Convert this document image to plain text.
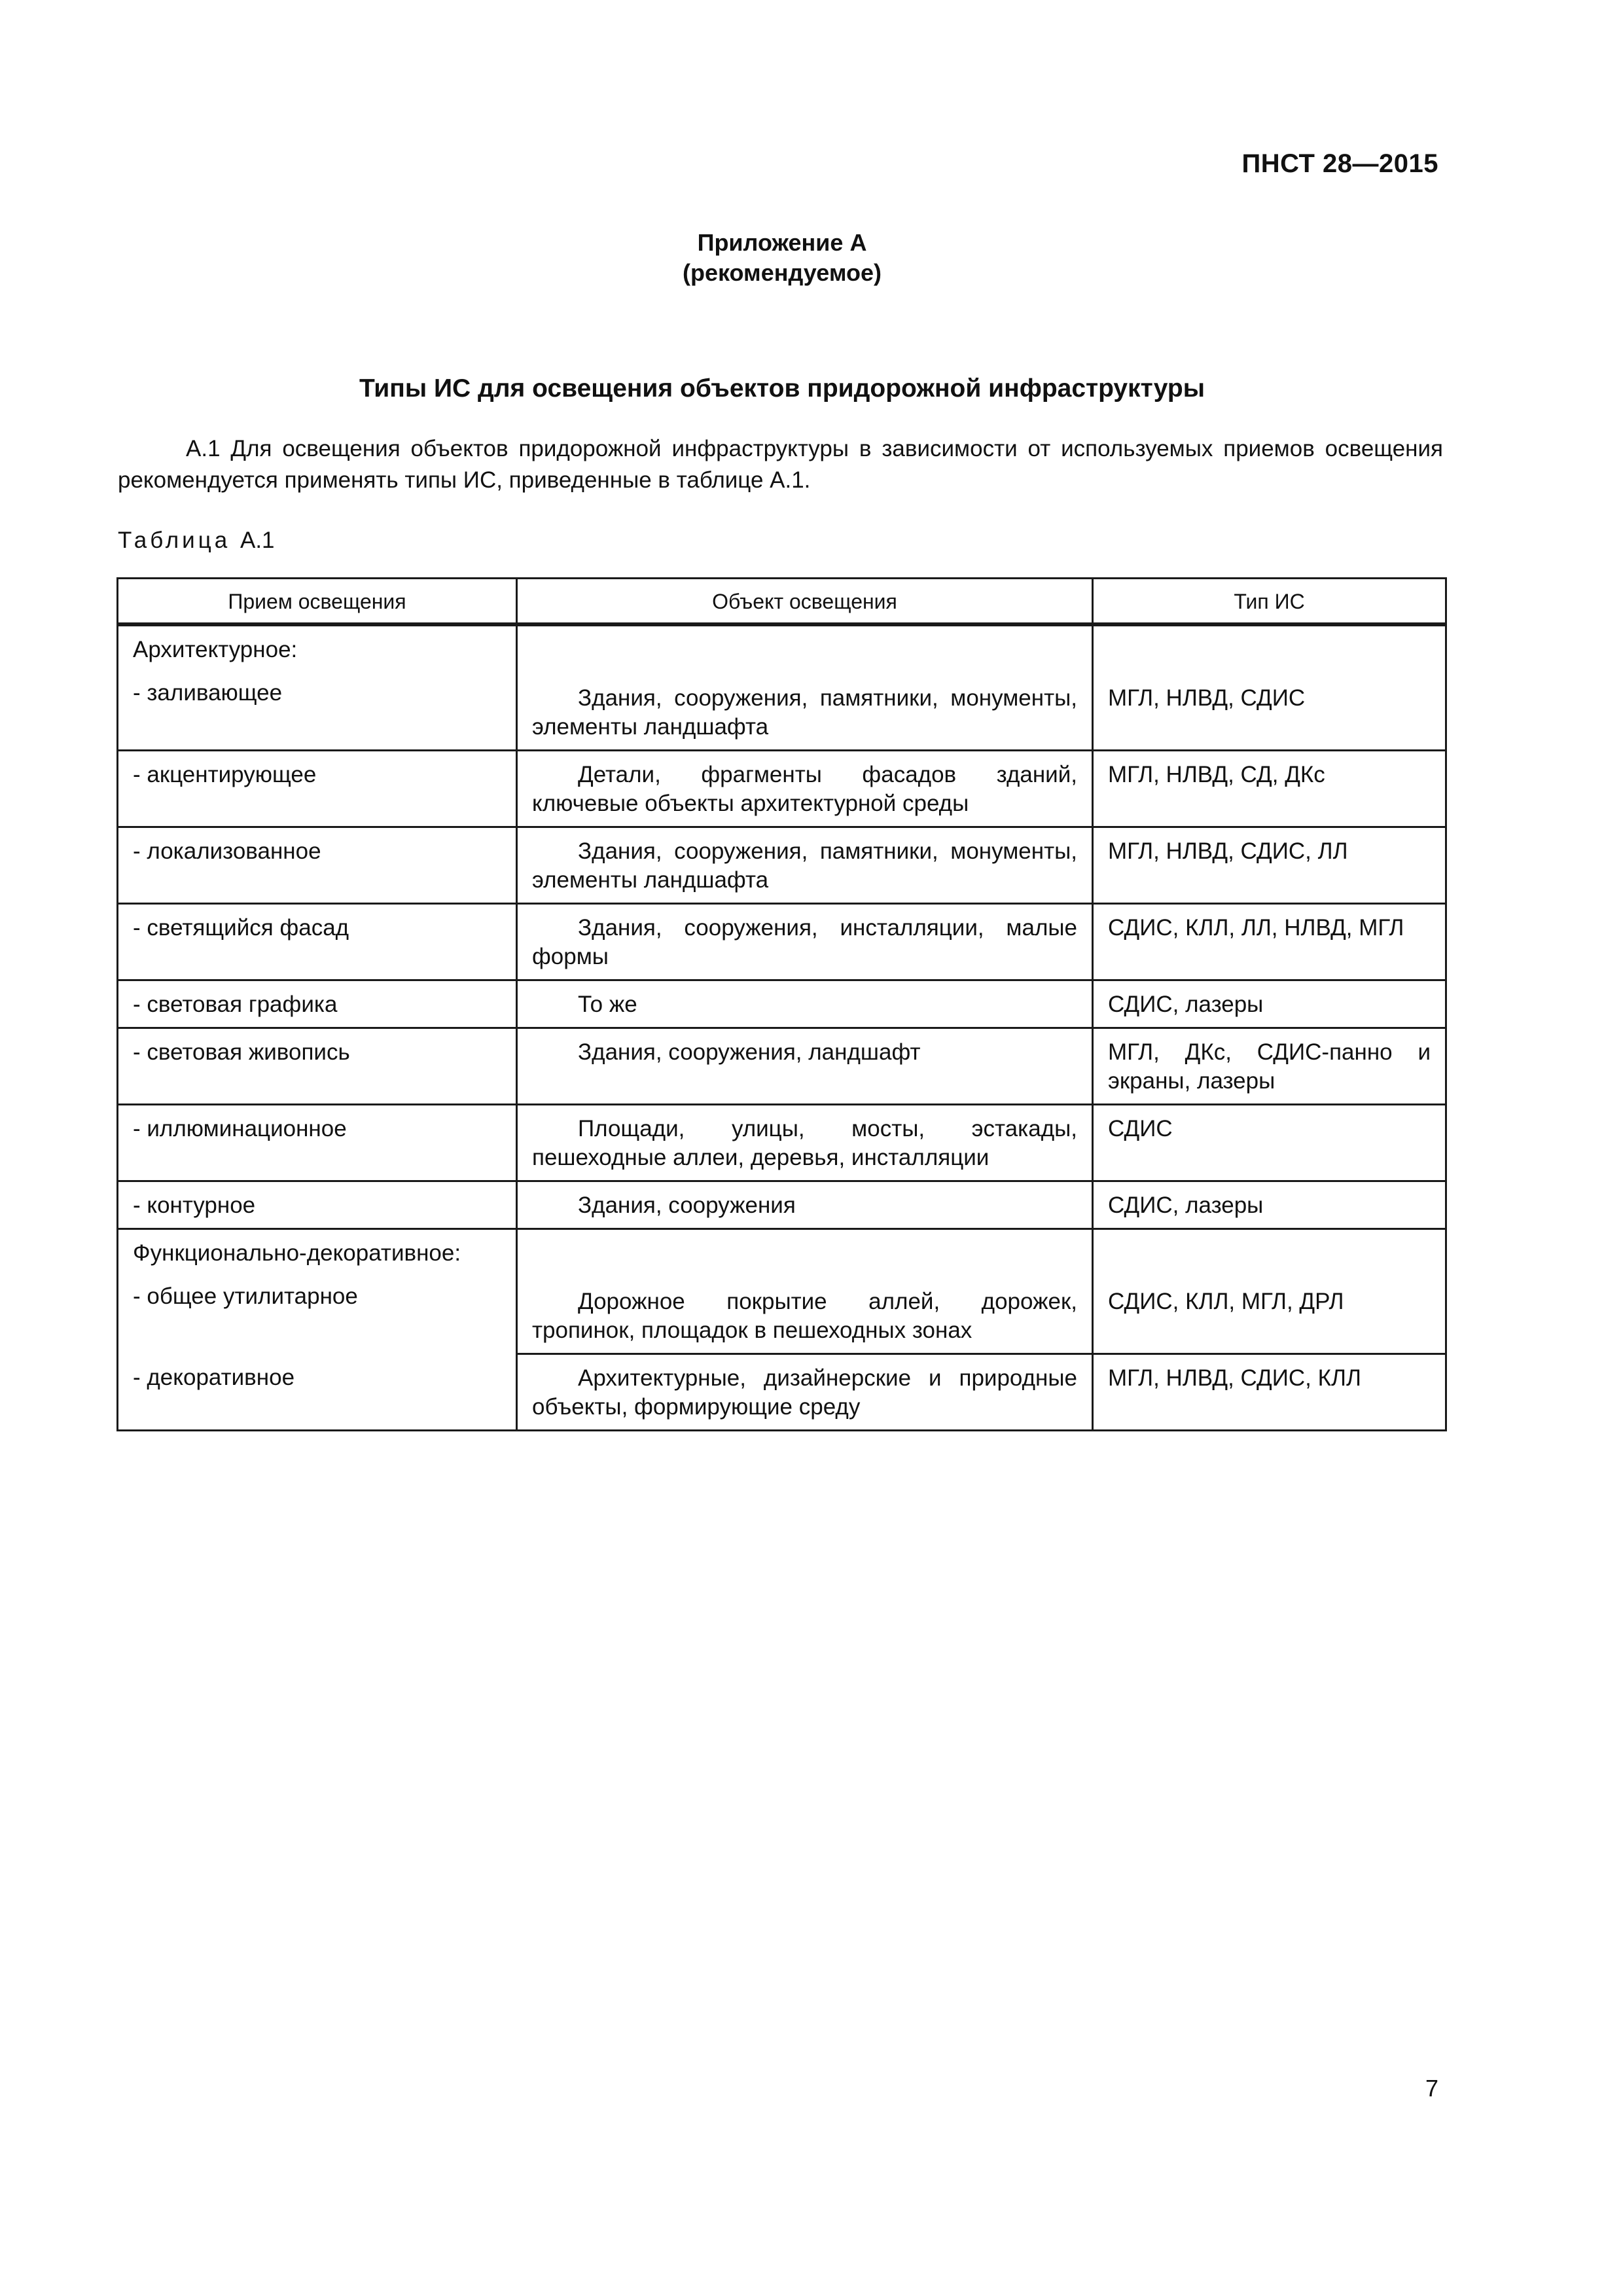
ПНСТ 28—2015
Приложение А
(рекомендуемое)
Типы ИС для освещения объектов придорожной инфраструктуры

А.1 Для освещения объектов придорожной инфраструктуры в зависимости от используемых приемов освещения рекомендуется применять типы ИС, приведенные в таблице А.1.

Таблица А.1
Прием освещения	Объект освещения	Тип ИС

Архитектурное:
- заливающее	Здания, сооружения, памятники, монументы, элементы ландшафта	МГЛ, НЛВД, СДИС
- акцентирующее	Детали, фрагменты фасадов зданий, ключевые объекты архитектурной среды	МГЛ, НЛВД, СД, ДКс
- локализованное	Здания, сооружения, памятники, монументы, элементы ландшафта	МГЛ, НЛВД, СДИС, ЛЛ
- светящийся фасад	Здания, сооружения, инсталляции, малые формы	СДИС, КЛЛ, ЛЛ, НЛВД, МГЛ
- световая графика	То же	СДИС, лазеры
- световая живопись	Здания, сооружения, ландшафт	МГЛ, ДКс, СДИС-панно и экраны, лазеры
- иллюминационное	Площади, улицы, мосты, эстакады, пешеходные аллеи, деревья, инсталляции	СДИС
- контурное	Здания, сооружения	СДИС, лазеры

Функционально-декоративное:
- общее утилитарное	Дорожное покрытие аллей, дорожек, тропинок, площадок в пешеходных зонах	СДИС, КЛЛ, МГЛ, ДРЛ
- декоративное	Архитектурные, дизайнерские и природные объекты, формирующие среду	МГЛ, НЛВД, СДИС, КЛЛ
7
